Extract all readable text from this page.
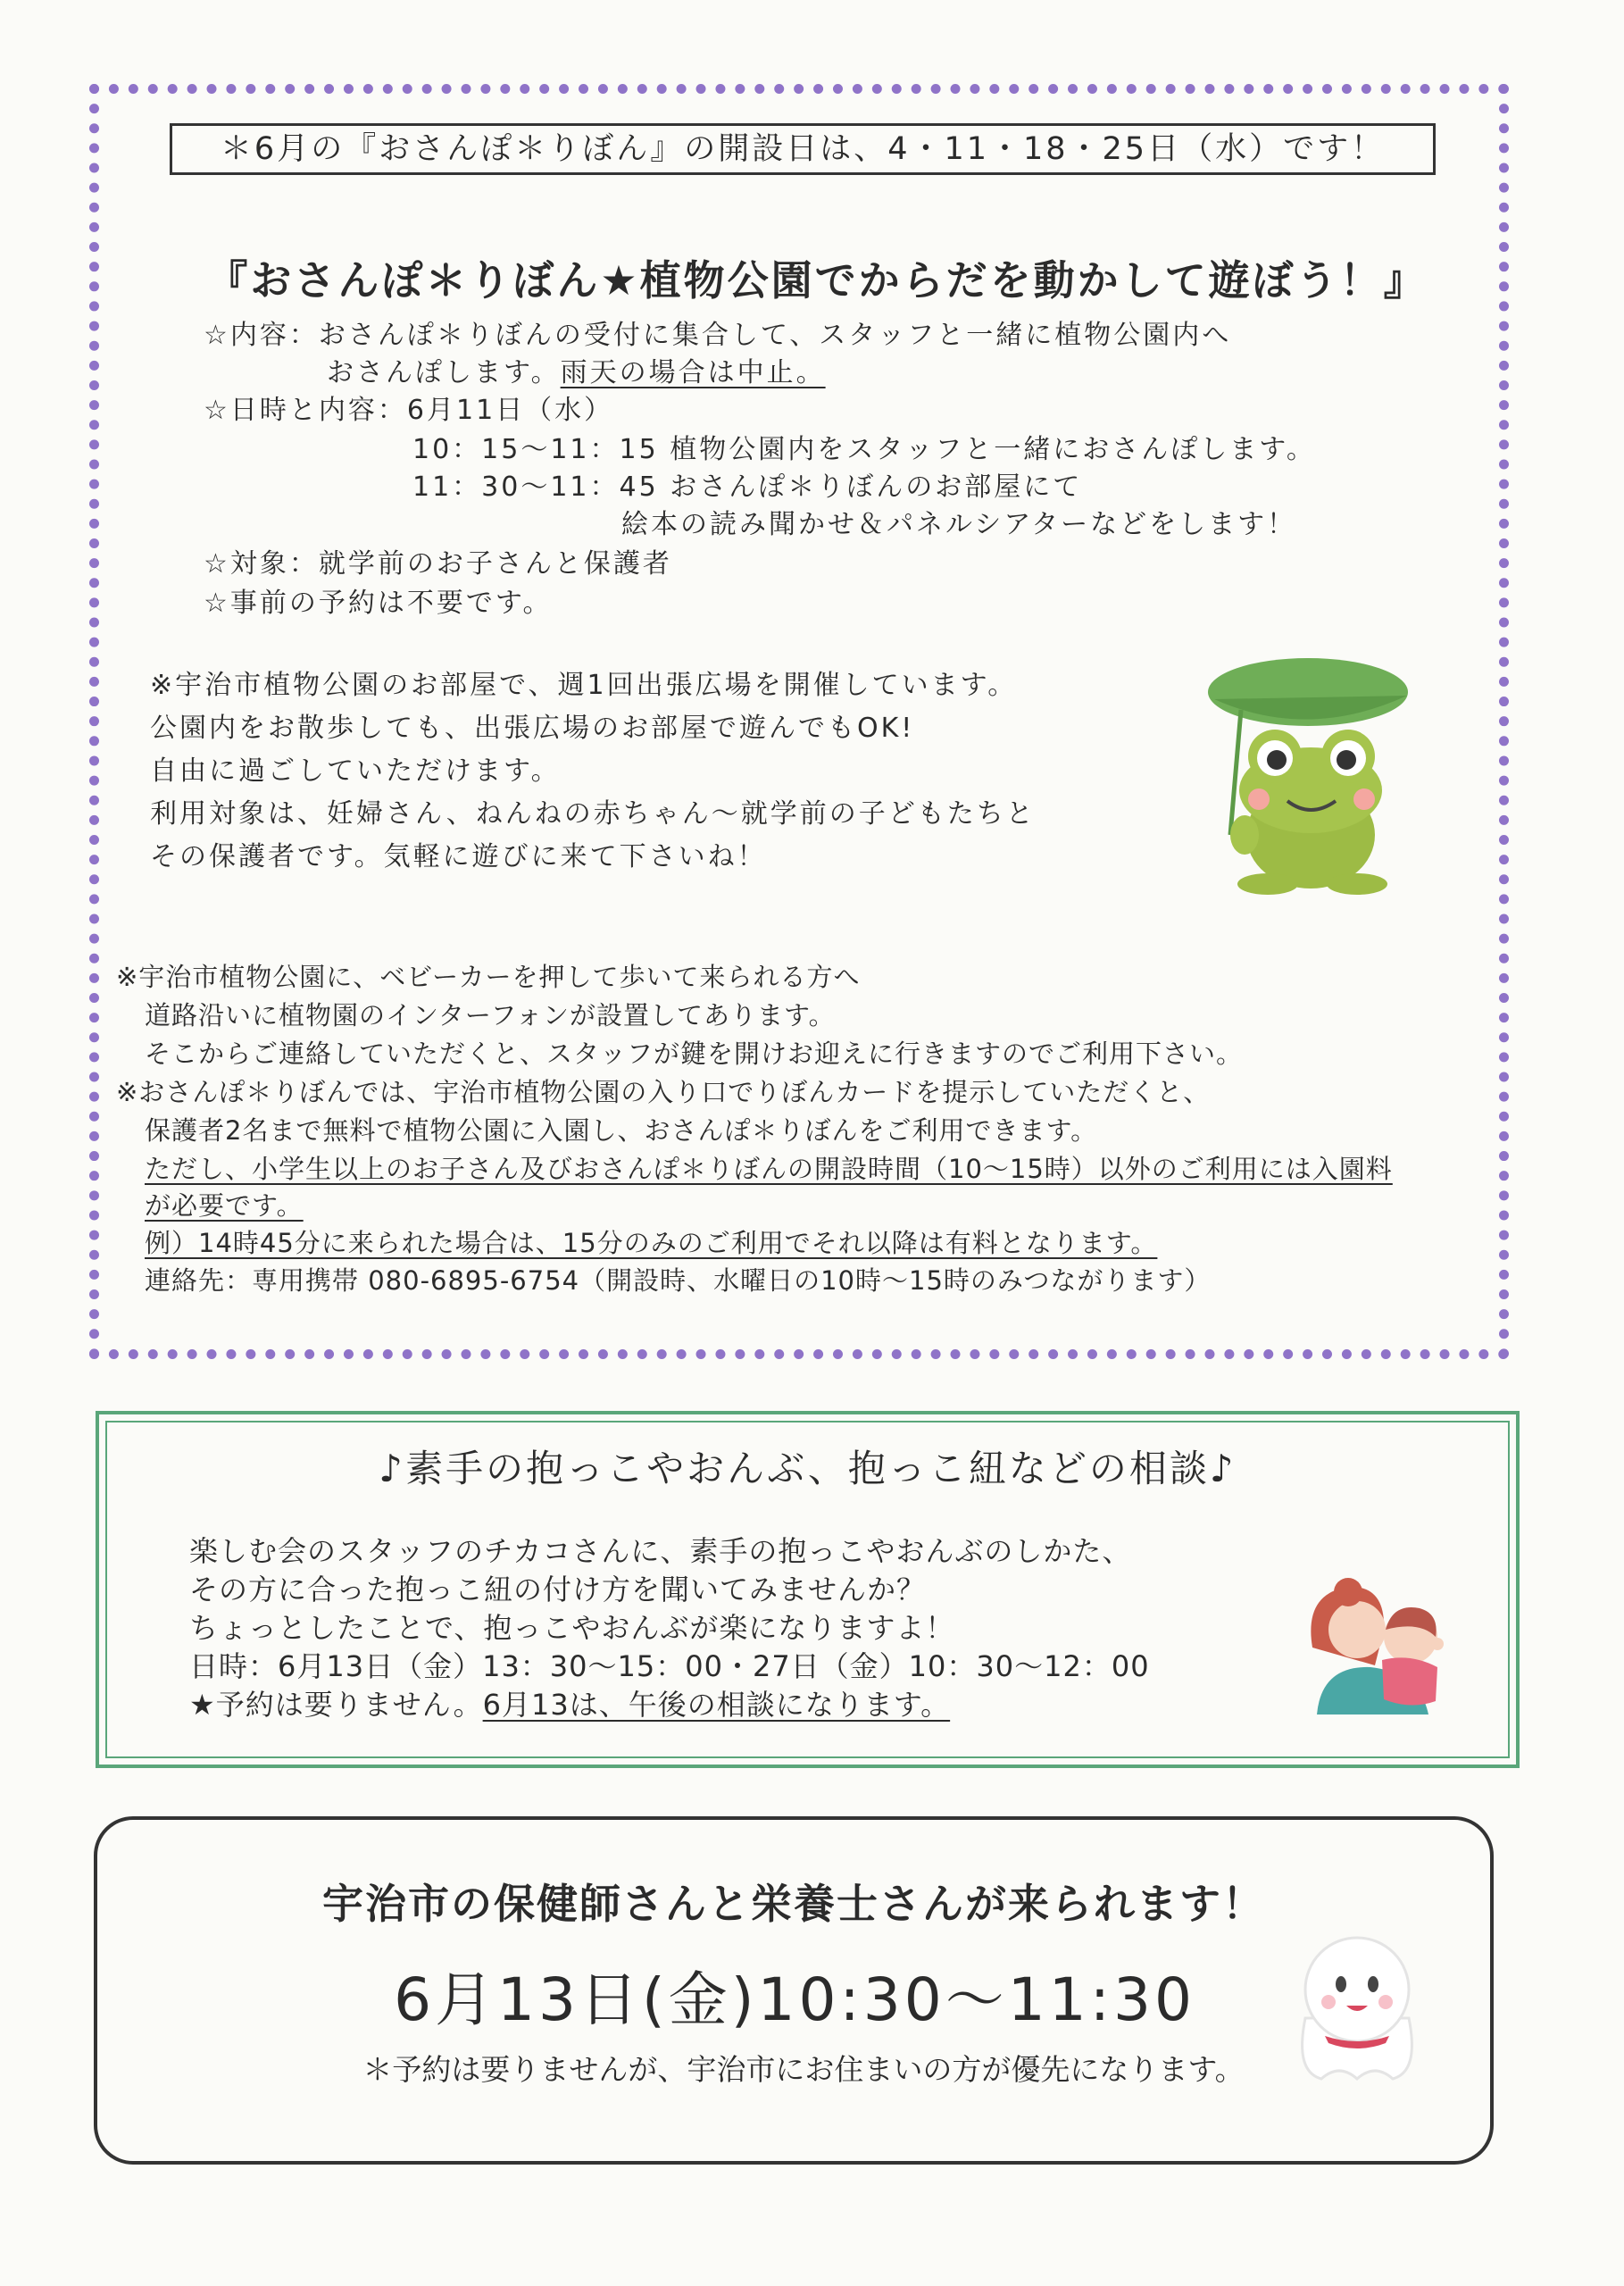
＊6月の『おさんぽ＊りぼん』の開設日は、4・11・18・25日（水）です！
『おさんぽ＊りぼん★植物公園でからだを動かして遊ぼう！』
☆内容：おさんぽ＊りぼんの受付に集合して、スタッフと一緒に植物公園内へ
おさんぽします。雨天の場合は中止。
☆日時と内容：6月11日（水）
10：15～11：15 植物公園内をスタッフと一緒におさんぽします。
11：30～11：45 おさんぽ＊りぼんのお部屋にて
絵本の読み聞かせ＆パネルシアターなどをします！
☆対象：就学前のお子さんと保護者
☆事前の予約は不要です。
※宇治市植物公園のお部屋で、週1回出張広場を開催しています。
公園内をお散歩しても、出張広場のお部屋で遊んでもOK!
自由に過ごしていただけます。
利用対象は、妊婦さん、ねんねの赤ちゃん～就学前の子どもたちと
その保護者です。気軽に遊びに来て下さいね！
※宇治市植物公園に、ベビーカーを押して歩いて来られる方へ
道路沿いに植物園のインターフォンが設置してあります。
そこからご連絡していただくと、スタッフが鍵を開けお迎えに行きますのでご利用下さい。
※おさんぽ＊りぼんでは、宇治市植物公園の入り口でりぼんカードを提示していただくと、
保護者2名まで無料で植物公園に入園し、おさんぽ＊りぼんをご利用できます。
ただし、小学生以上のお子さん及びおさんぽ＊りぼんの開設時間（10～15時）以外のご利用には入園料
が必要です。
例）14時45分に来られた場合は、15分のみのご利用でそれ以降は有料となります。
連絡先：専用携帯 080-6895-6754（開設時、水曜日の10時～15時のみつながります）
♪素手の抱っこやおんぶ、抱っこ紐などの相談♪
楽しむ会のスタッフのチカコさんに、素手の抱っこやおんぶのしかた、
その方に合った抱っこ紐の付け方を聞いてみませんか？
ちょっとしたことで、抱っこやおんぶが楽になりますよ！
日時：6月13日（金）13：30～15：00・27日（金）10：30～12：00
★予約は要りません。6月13は、午後の相談になります。
宇治市の保健師さんと栄養士さんが来られます！
6月13日(金)10:30～11:30
＊予約は要りませんが、宇治市にお住まいの方が優先になります。
